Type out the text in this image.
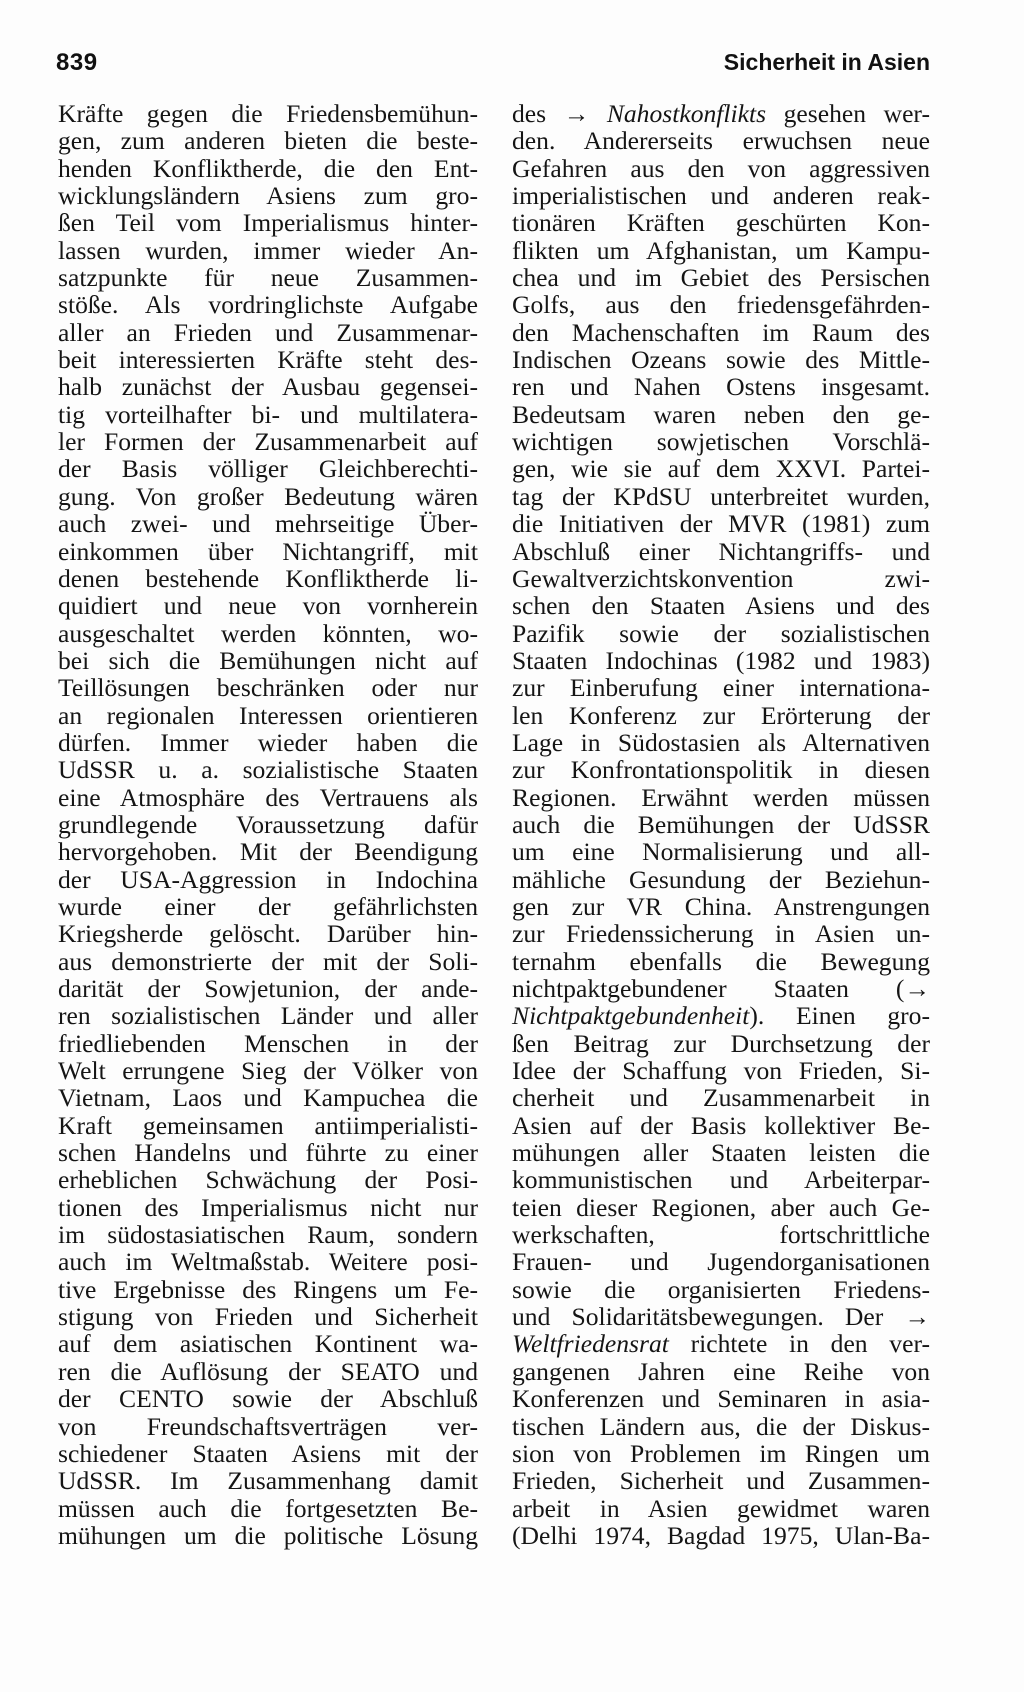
839	Sicherheit in Asien
Kräfte gegen die Friedensbemühun-
gen, zum anderen bieten die beste-
henden Konfliktherde, die den Ent-
wicklungsländern Asiens zum gro-
ßen Teil vom Imperialismus hinter-
lassen wurden, immer wieder An-
satzpunkte für neue Zusammen-
stöße. Als vordringlichste Aufgabe
aller an Frieden und Zusammenar-
beit interessierten Kräfte steht des-
halb zunächst der Ausbau gegensei-
tig vorteilhafter bi- und multilatera-
ler Formen der Zusammenarbeit auf
der Basis völliger Gleichberechti-
gung. Von großer Bedeutung wären
auch zwei- und mehrseitige Über-
einkommen über Nichtangriff, mit
denen bestehende Konfliktherde li-
quidiert und neue von vornherein
ausgeschaltet werden könnten, wo-
bei sich die Bemühungen nicht auf
Teillösungen beschränken oder nur
an regionalen Interessen orientieren
dürfen. Immer wieder haben die
UdSSR u. a. sozialistische Staaten
eine Atmosphäre des Vertrauens als
grundlegende Voraussetzung dafür
hervorgehoben. Mit der Beendigung
der USA-Aggression in Indochina
wurde einer der gefährlichsten
Kriegsherde gelöscht. Darüber hin-
aus demonstrierte der mit der Soli-
darität der Sowjetunion, der ande-
ren sozialistischen Länder und aller
friedliebenden Menschen in der
Welt errungene Sieg der Völker von
Vietnam, Laos und Kampuchea die
Kraft gemeinsamen antiimperialisti-
schen Handelns und führte zu einer
erheblichen Schwächung der Posi-
tionen des Imperialismus nicht nur
im südostasiatischen Raum, sondern
auch im Weltmaßstab. Weitere posi-
tive Ergebnisse des Ringens um Fe-
stigung von Frieden und Sicherheit
auf dem asiatischen Kontinent wa-
ren die Auflösung der SEATO und
der CENTO sowie der Abschluß
von Freundschaftsverträgen ver-
schiedener Staaten Asiens mit der
UdSSR. Im Zusammenhang damit
müssen auch die fortgesetzten Be-
mühungen um die politische Lösung
des → Nahostkonflikts gesehen wer-
den. Andererseits erwuchsen neue
Gefahren aus den von aggressiven
imperialistischen und anderen reak-
tionären Kräften geschürten Kon-
flikten um Afghanistan, um Kampu-
chea und im Gebiet des Persischen
Golfs, aus den friedensgefährden-
den Machenschaften im Raum des
Indischen Ozeans sowie des Mittle-
ren und Nahen Ostens insgesamt.
Bedeutsam waren neben den ge-
wichtigen sowjetischen Vorschlä-
gen, wie sie auf dem XXVI. Partei-
tag der KPdSU unterbreitet wurden,
die Initiativen der MVR (1981) zum
Abschluß einer Nichtangriffs- und
Gewaltverzichtskonvention zwi-
schen den Staaten Asiens und des
Pazifik sowie der sozialistischen
Staaten Indochinas (1982 und 1983)
zur Einberufung einer internationa-
len Konferenz zur Erörterung der
Lage in Südostasien als Alternativen
zur Konfrontationspolitik in diesen
Regionen. Erwähnt werden müssen
auch die Bemühungen der UdSSR
um eine Normalisierung und all-
mähliche Gesundung der Beziehun-
gen zur VR China. Anstrengungen
zur Friedenssicherung in Asien un-
ternahm ebenfalls die Bewegung
nichtpaktgebundener Staaten (→
Nichtpaktgebundenheit). Einen gro-
ßen Beitrag zur Durchsetzung der
Idee der Schaffung von Frieden, Si-
cherheit und Zusammenarbeit in
Asien auf der Basis kollektiver Be-
mühungen aller Staaten leisten die
kommunistischen und Arbeiterpar-
teien dieser Regionen, aber auch Ge-
werkschaften, fortschrittliche
Frauen- und Jugendorganisationen
sowie die organisierten Friedens-
und Solidaritätsbewegungen. Der →
Weltfriedensrat richtete in den ver-
gangenen Jahren eine Reihe von
Konferenzen und Seminaren in asia-
tischen Ländern aus, die der Diskus-
sion von Problemen im Ringen um
Frieden, Sicherheit und Zusammen-
arbeit in Asien gewidmet waren
(Delhi 1974, Bagdad 1975, Ulan-Ba-
